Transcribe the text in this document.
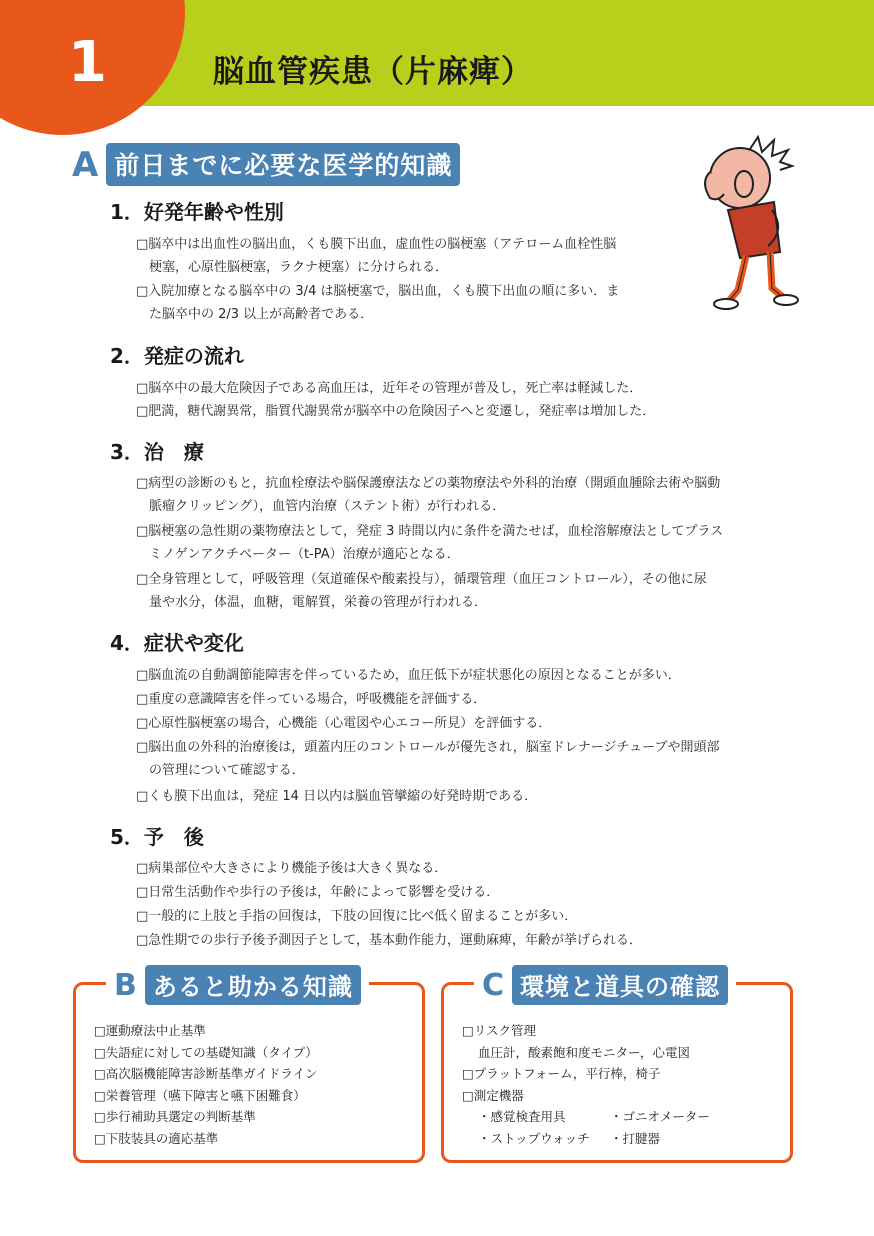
1	脳血管疾患（片麻痺）
A 前日までに必要な医学的知識
1．好発年齢や性別
□脳卒中は出血性の脳出血，くも膜下出血，虚血性の脳梗塞（アテローム血栓性脳
梗塞，心原性脳梗塞，ラクナ梗塞）に分けられる．
□入院加療となる脳卒中の 3/4 は脳梗塞で，脳出血，くも膜下出血の順に多い．ま
た脳卒中の 2/3 以上が高齢者である．
2．発症の流れ
□脳卒中の最大危険因子である高血圧は，近年その管理が普及し，死亡率は軽減した．
□肥満，糖代謝異常，脂質代謝異常が脳卒中の危険因子へと変遷し，発症率は増加した．
3．治　療
□病型の診断のもと，抗血栓療法や脳保護療法などの薬物療法や外科的治療（開頭血腫除去術や脳動
脈瘤クリッピング），血管内治療（ステント術）が行われる．
□脳梗塞の急性期の薬物療法として，発症 3 時間以内に条件を満たせば，血栓溶解療法としてプラス
ミノゲンアクチベーター（t-PA）治療が適応となる．
□全身管理として，呼吸管理（気道確保や酸素投与），循環管理（血圧コントロール），その他に尿
量や水分，体温，血糖，電解質，栄養の管理が行われる．
4．症状や変化
□脳血流の自動調節能障害を伴っているため，血圧低下が症状悪化の原因となることが多い．
□重度の意識障害を伴っている場合，呼吸機能を評価する．
□心原性脳梗塞の場合，心機能（心電図や心エコー所見）を評価する．
□脳出血の外科的治療後は，頭蓋内圧のコントロールが優先され，脳室ドレナージチューブや開頭部
の管理について確認する．
□くも膜下出血は，発症 14 日以内は脳血管攣縮の好発時期である．
5．予　後
□病巣部位や大きさにより機能予後は大きく異なる．
□日常生活動作や歩行の予後は，年齢によって影響を受ける．
□一般的に上肢と手指の回復は，下肢の回復に比べ低く留まることが多い．
□急性期での歩行予後予測因子として，基本動作能力，運動麻痺，年齢が挙げられる．
B あると助かる知識
□運動療法中止基準
□失語症に対しての基礎知識（タイプ）
□高次脳機能障害診断基準ガイドライン
□栄養管理（嚥下障害と嚥下困難食）
□歩行補助具選定の判断基準
□下肢装具の適応基準
C 環境と道具の確認
□リスク管理
血圧計，酸素飽和度モニター，心電図
□プラットフォーム，平行棒，椅子
□測定機器
・感覚検査用具	・ゴニオメーター
・ストップウォッチ	・打腱器
